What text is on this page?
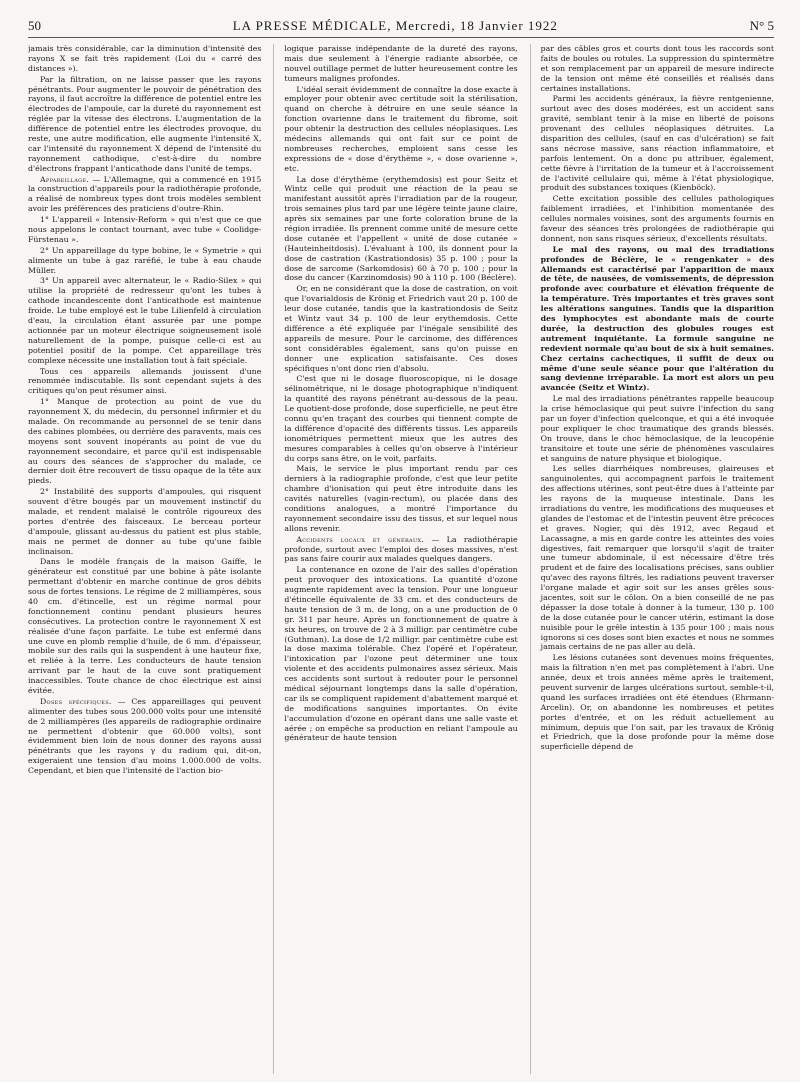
50	LA PRESSE MÉDICALE, Mercredi, 18 Janvier 1922	N° 5

jamais très considérable, car la diminution d'intensité des rayons X se fait très rapidement (Loi du « carré des distances »).

Par la filtration, on ne laisse passer que les rayons pénétrants. Pour augmenter le pouvoir de pénétration des rayons, il faut accroître la différence de potentiel entre les électrodes de l'ampoule, car la dureté du rayonnement est réglée par la vitesse des électrons. L'augmentation de la différence de potentiel entre les électrodes provoque, du reste, une autre modification, elle augmente l'intensité X, car l'intensité du rayonnement X dépend de l'intensité du rayonnement cathodique, c'est-à-dire du nombre d'électrons frappant l'anticathode dans l'unité de temps.

Appareillage. — L'Allemagne, qui a commencé en 1915 la construction d'appareils pour la radiothérapie profonde, a réalisé de nombreux types dont trois modèles semblent avoir les préférences des praticiens d'outre-Rhin.

1° L'appareil « Intensiv-Reform » qui n'est que ce que nous appelons le contact tournant, avec tube « Coolidge-Fürstenau ».

2° Un appareillage du type bobine, le « Symetrie » qui alimente un tube à gaz raréfié, le tube à eau chaude Müller.

3° Un appareil avec alternateur, le « Radio-Silex » qui utilise la propriété de redresseur qu'ont les tubes à cathode incandescente dont l'anticathode est maintenue froide. Le tube employé est le tube Lilienfeld à circulation d'eau, la circulation étant assurée par une pompe actionnée par un moteur électrique soigneusement isolé naturellement de la pompe, puisque celle-ci est au potentiel positif de la pompe. Cet appareillage très complexe nécessite une installation tout à fait spéciale.

Tous ces appareils allemands jouissent d'une renommée indiscutable. Ils sont cependant sujets à des critiques qu'on peut résumer ainsi.

1° Manque de protection au point de vue du rayonnement X, du médecin, du personnel infirmier et du malade. On recommande au personnel de se tenir dans des cabines plombées, ou derrière des paravents, mais ces moyens sont souvent inopérants au point de vue du rayonnement secondaire, et parce qu'il est indispensable au cours des séances de s'approcher du malade, ce dernier doit être recouvert de tissu opaque de la tête aux pieds.

2° Instabilité des supports d'ampoules, qui risquent souvent d'être bougés par un mouvement instinctif du malade, et rendent malaisé le contrôle rigoureux des portes d'entrée des faisceaux. Le berceau porteur d'ampoule, glissant au-dessus du patient est plus stable, mais ne permet de donner au tube qu'une faible inclinaison.

Dans le modèle français de la maison Gaiffe, le générateur est constitué par une bobine à pâte isolante permettant d'obtenir en marche continue de gros débits sous de fortes tensions. Le régime de 2 milliampères, sous 40 cm. d'étincelle, est un régime normal pour fonctionnement continu pendant plusieurs heures consécutives. La protection contre le rayonnement X est réalisée d'une façon parfaite. Le tube est enfermé dans une cuve en plomb remplie d'huile, de 6 mm. d'épaisseur, mobile sur des rails qui la suspendent à une hauteur fixe, et reliée à la terre. Les conducteurs de haute tension arrivant par le haut de la cuve sont pratiquement inaccessibles. Toute chance de choc électrique est ainsi évitée.

Doses spécifiques. — Ces appareillages qui peuvent alimenter des tubes sous 200.000 volts pour une intensité de 2 milliampères (les appareils de radiographie ordinaire ne permettent d'obtenir que 60.000 volts), sont évidemment bien loin de nous donner des rayons aussi pénétrants que les rayons γ du radium qui, dit-on, exigeraient une tension d'au moins 1.000.000 de volts. Cependant, et bien que l'intensité de l'action bio-

logique paraisse indépendante de la dureté des rayons, mais due seulement à l'énergie radiante absorbée, ce nouvel outillage permet de lutter heureusement contre les tumeurs malignes profondes.

L'idéal serait évidemment de connaître la dose exacte à employer pour obtenir avec certitude soit la stérilisation, quand on cherche à détruire en une seule séance la fonction ovarienne dans le traitement du fibrome, soit pour obtenir la destruction des cellules néoplasiques. Les médecins allemands qui ont fait sur ce point de nombreuses recherches, emploient sans cesse les expressions de « dose d'érythème », « dose ovarienne », etc.

La dose d'érythème (erythemdosis) est pour Seitz et Wintz celle qui produit une réaction de la peau se manifestant aussitôt après l'irradiation par de la rougeur, trois semaines plus tard par une légère teinte jaune claire, après six semaines par une forte coloration brune de la région irradiée. Ils prennent comme unité de mesure cette dose cutanée et l'appellent « unité de dose cutanée » (Hauteinheitdosis). L'évaluant à 100, ils donnent pour la dose de castration (Kastrationdosis) 35 p. 100 ; pour la dose de sarcome (Sarkomdosis) 60 à 70 p. 100 ; pour la dose du cancer (Karzinomdosis) 90 à 110 p. 100 (Béclère).

Or, en ne considérant que la dose de castration, on voit que l'ovarialdosis de Krönig et Friedrich vaut 20 p. 100 de leur dose cutanée, tandis que la kastrationdosis de Seitz et Wintz vaut 34 p. 100 de leur erythemdosis. Cette différence a été expliquée par l'inégale sensibilité des appareils de mesure. Pour le carcinome, des différences sont considérables également, sans qu'on puisse en donner une explication satisfaisante. Ces doses spécifiques n'ont donc rien d'absolu.

C'est que ni le dosage fluoroscopique, ni le dosage sélinométrique, ni le dosage photographique n'indiquent la quantité des rayons pénétrant au-dessous de la peau. Le quotient-dose profonde, dose superficielle, ne peut être connu qu'en traçant des courbes qui tiennent compte de la différence d'opacité des différents tissus. Les appareils ionométriques permettent mieux que les autres des mesures comparables à celles qu'on observe à l'intérieur du corps sans être, on le voit, parfaits.

Mais, le service le plus important rendu par ces derniers à la radiographie profonde, c'est que leur petite chambre d'ionisation qui peut être introduite dans les cavités naturelles (vagin-rectum), ou placée dans des conditions analogues, a montré l'importance du rayonnement secondaire issu des tissus, et sur lequel nous allons revenir.

Accidents locaux et généraux. — La radiothérapie profonde, surtout avec l'emploi des doses massives, n'est pas sans faire courir aux malades quelques dangers.

La contenance en ozone de l'air des salles d'opération peut provoquer des intoxications. La quantité d'ozone augmente rapidement avec la tension. Pour une longueur d'étincelle équivalente de 33 cm. et des conducteurs de haute tension de 3 m. de long, on a une production de 0 gr. 311 par heure. Après un fonctionnement de quatre à six heures, on trouve de 2 à 3 milligr. par centimètre cube (Guthman). La dose de 1/2 milligr. par centimètre cube est la dose maxima tolérable. Chez l'opéré et l'opérateur, l'intoxication par l'ozone peut déterminer une toux violente et des accidents pulmonaires assez sérieux. Mais ces accidents sont surtout à redouter pour le personnel médical séjournant longtemps dans la salle d'opération, car ils se compliquent rapidement d'abattement marqué et de modifications sanguines importantes. On évite l'accumulation d'ozone en opérant dans une salle vaste et aérée ; on empêche sa production en reliant l'ampoule au générateur de haute tension

par des câbles gros et courts dont tous les raccords sont faits de boules ou rotules. La suppression du spintermètre et son remplacement par un appareil de mesure indirecte de la tension ont même été conseillés et réalisés dans certaines installations.

Parmi les accidents généraux, la fièvre rentgenienne, surtout avec des doses modérées, est un accident sans gravité, semblant tenir à la mise en liberté de poisons provenant des cellules néoplasiques détruites. La disparition des cellules, (sauf en cas d'ulcération) se fait sans nécrose massive, sans réaction inflammatoire, et parfois lentement. On a donc pu attribuer, également, cette fièvre à l'irritation de la tumeur et à l'accroissement de l'activité cellulaire qui, même à l'état physiologique, produit des substances toxiques (Kienböck).

Cette excitation possible des cellules pathologiques faiblement irradiées, et l'inhibition momentanée des cellules normales voisines, sont des arguments fournis en faveur des séances très prolongées de radiothérapie qui donnent, non sans risques sérieux, d'excellents résultats.

Le mal des rayons, ou mal des irradiations profondes de Béclère, le « rengenkater » des Allemands est caractérisé par l'apparition de maux de tête, de nausées, de vomissements, de dépression profonde avec courbature et élévation fréquente de la température. Très importantes et très graves sont les altérations sanguines. Tandis que la disparition des lymphocytes est abondante mais de courte durée, la destruction des globules rouges est autrement inquiétante. La formule sanguine ne redevient normale qu'au bout de six à huit semaines. Chez certains cachectiques, il suffit de deux ou même d'une seule séance pour que l'altération du sang devienne irréparable. La mort est alors un peu avancée (Seitz et Wintz).

Le mal des irradiations pénétrantes rappelle beaucoup la crise hémoclasique qui peut suivre l'infection du sang par un foyer d'infection quelconque, et qui a été invoquée pour expliquer le choc traumatique des grands blessés. On trouve, dans le choc hémoclasique, de la leucopénie transitoire et toute une série de phénomènes vasculaires et sanguins de nature physique et biologique.

Les selles diarrhéiques nombreuses, glaireuses et sanguinolentes, qui accompagnent parfois le traitement des affections utérines, sont peut-être dues à l'atteinte par les rayons de la muqueuse intestinale. Dans les irradiations du ventre, les modifications des muqueuses et glandes de l'estomac et de l'intestin peuvent être précoces et graves. Nogier, qui dès 1912, avec Regaud et Lacassagne, a mis en garde contre les atteintes des voies digestives, fait remarquer que lorsqu'il s'agit de traiter une tumeur abdominale, il est nécessaire d'être très prudent et de faire des localisations précises, sans oublier qu'avec des rayons filtrés, les radiations peuvent traverser l'organe malade et agir soit sur les anses grêles sous-jacentes, soit sur le côlon. On a bien conseillé de ne pas dépasser la dose totale à donner à la tumeur, 130 p. 100 de la dose cutanée pour le cancer utérin, estimant la dose nuisible pour le grêle intestin à 135 pour 100 ; mais nous ignorons si ces doses sont bien exactes et nous ne sommes jamais certains de ne pas aller au delà.

Les lésions cutanées sont devenues moins fréquentes, mais la filtration n'en met pas complètement à l'abri. Une année, deux et trois années même après le traitement, peuvent survenir de larges ulcérations surtout, semble-t-il, quand les surfaces irradiées ont été étendues (Ehrmann-Arcelin). Or, on abandonne les nombreuses et petites portes d'entrée, et on les réduit actuellement au minimum, depuis que l'on sait, par les travaux de Krönig et Friedrich, que la dose profonde pour la même dose superficielle dépend de
